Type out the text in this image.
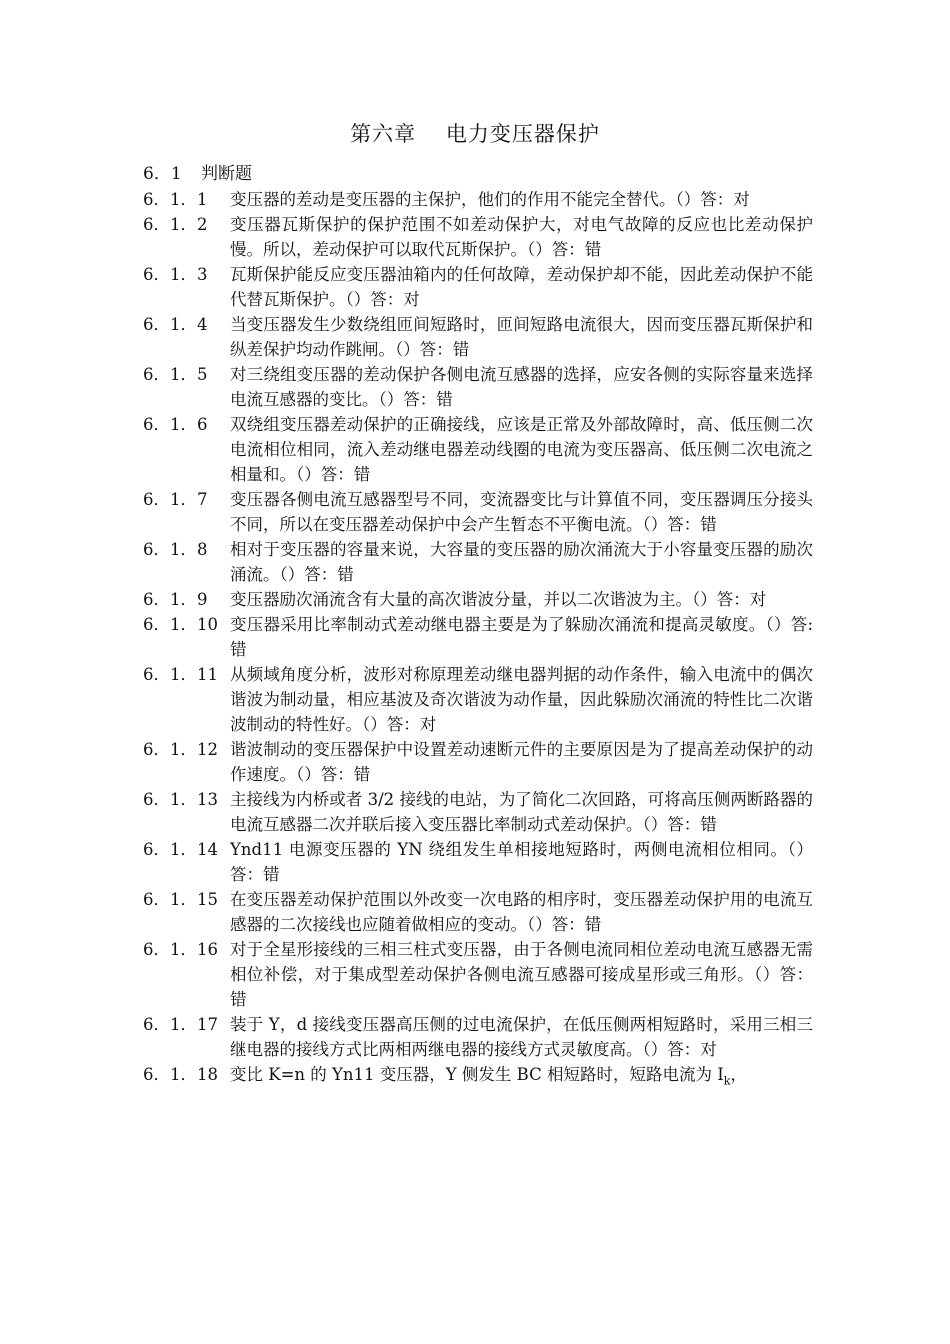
第六章　 电力变压器保护
6．1 判断题
6．1．1	变压器的差动是变压器的主保护，他们的作用不能完全替代。（）答：对
6．1．2	变压器瓦斯保护的保护范围不如差动保护大，对电气故障的反应也比差动保护慢。所以，差动保护可以取代瓦斯保护。（）答：错
6．1．3	瓦斯保护能反应变压器油箱内的任何故障，差动保护却不能，因此差动保护不能代替瓦斯保护。（）答：对
6．1．4	当变压器发生少数绕组匝间短路时，匝间短路电流很大，因而变压器瓦斯保护和纵差保护均动作跳闸。（）答：错
6．1．5	对三绕组变压器的差动保护各侧电流互感器的选择，应安各侧的实际容量来选择电流互感器的变比。（）答：错
6．1．6	双绕组变压器差动保护的正确接线，应该是正常及外部故障时，高、低压侧二次电流相位相同，流入差动继电器差动线圈的电流为变压器高、低压侧二次电流之相量和。（）答：错
6．1．7	变压器各侧电流互感器型号不同，变流器变比与计算值不同，变压器调压分接头不同，所以在变压器差动保护中会产生暂态不平衡电流。（）答：错
6．1．8	相对于变压器的容量来说，大容量的变压器的励次涌流大于小容量变压器的励次涌流。（）答：错
6．1．9	变压器励次涌流含有大量的高次谐波分量，并以二次谐波为主。（）答：对
6．1．10 变压器采用比率制动式差动继电器主要是为了躲励次涌流和提高灵敏度。（）答:错
6．1．11 从频域角度分析，波形对称原理差动继电器判据的动作条件，输入电流中的偶次谐波为制动量，相应基波及奇次谐波为动作量，因此躲励次涌流的特性比二次谐波制动的特性好。（）答：对
6．1．12 谐波制动的变压器保护中设置差动速断元件的主要原因是为了提高差动保护的动作速度。（）答：错
6．1．13 主接线为内桥或者 3/2 接线的电站，为了简化二次回路，可将高压侧两断路器的电流互感器二次并联后接入变压器比率制动式差动保护。（）答：错
6．1．14 Ynd11 电源变压器的 YN 绕组发生单相接地短路时，两侧电流相位相同。（）答：错
6．1．15 在变压器差动保护范围以外改变一次电路的相序时，变压器差动保护用的电流互感器的二次接线也应随着做相应的变动。（）答：错
6．1．16 对于全星形接线的三相三柱式变压器，由于各侧电流同相位差动电流互感器无需相位补偿，对于集成型差动保护各侧电流互感器可接成星形或三角形。（）答：错
6．1．17 装于 Y，d 接线变压器高压侧的过电流保护，在低压侧两相短路时，采用三相三继电器的接线方式比两相两继电器的接线方式灵敏度高。（）答：对
6．1．18 变比 K=n 的 Yn11 变压器，Y 侧发生 BC 相短路时，短路电流为 $I_k$，
